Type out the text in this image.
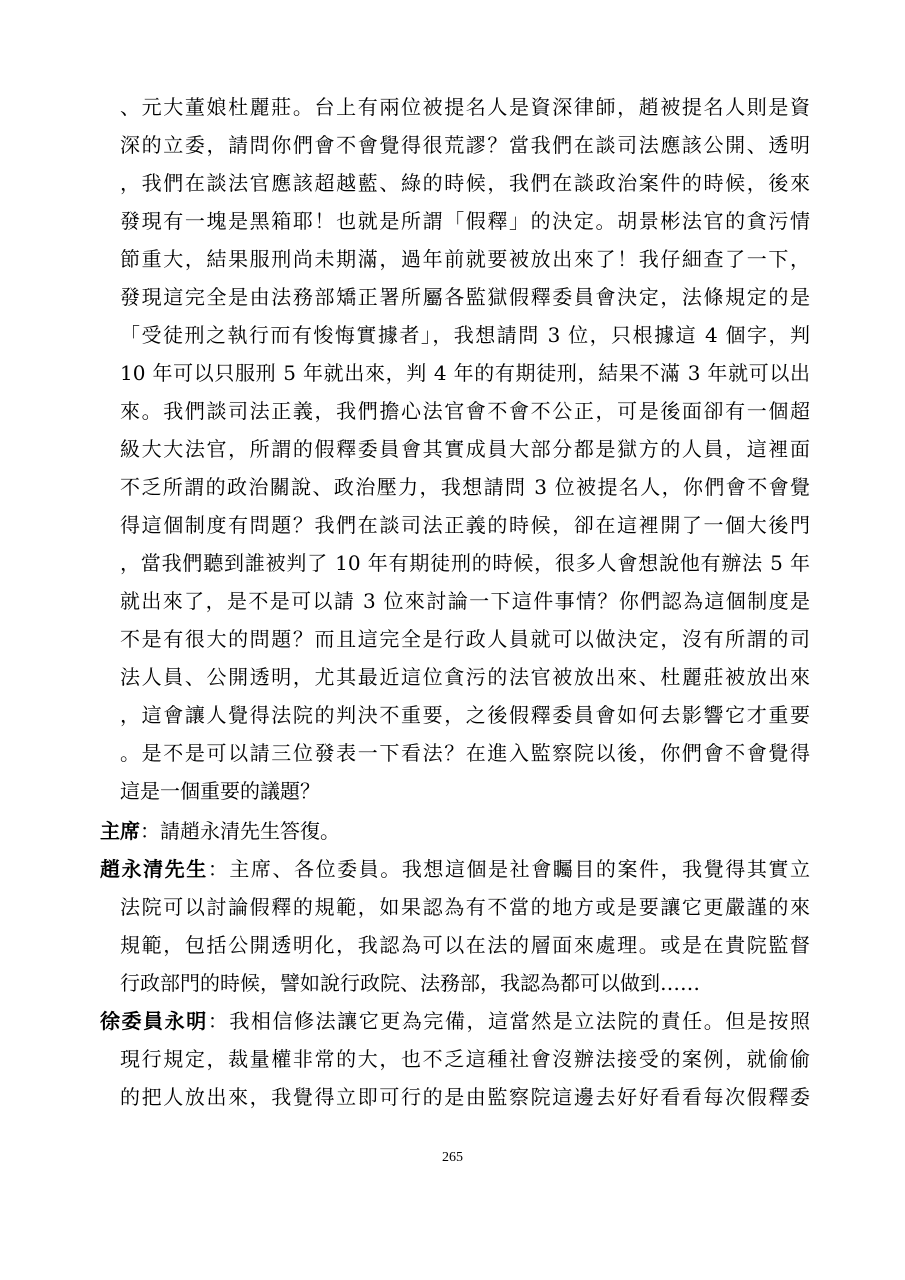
、元大董娘杜麗莊。台上有兩位被提名人是資深律師，趙被提名人則是資
深的立委，請問你們會不會覺得很荒謬？當我們在談司法應該公開、透明
，我們在談法官應該超越藍、綠的時候，我們在談政治案件的時候，後來
發現有一塊是黑箱耶！也就是所謂「假釋」的決定。胡景彬法官的貪污情
節重大，結果服刑尚未期滿，過年前就要被放出來了！我仔細查了一下，
發現這完全是由法務部矯正署所屬各監獄假釋委員會決定，法條規定的是
「受徒刑之執行而有悛悔實據者」，我想請問 3 位，只根據這 4 個字，判
10 年可以只服刑 5 年就出來，判 4 年的有期徒刑，結果不滿 3 年就可以出
來。我們談司法正義，我們擔心法官會不會不公正，可是後面卻有一個超
級大大法官，所謂的假釋委員會其實成員大部分都是獄方的人員，這裡面
不乏所謂的政治關說、政治壓力，我想請問 3 位被提名人，你們會不會覺
得這個制度有問題？我們在談司法正義的時候，卻在這裡開了一個大後門
，當我們聽到誰被判了 10 年有期徒刑的時候，很多人會想說他有辦法 5 年
就出來了，是不是可以請 3 位來討論一下這件事情？你們認為這個制度是
不是有很大的問題？而且這完全是行政人員就可以做決定，沒有所謂的司
法人員、公開透明，尤其最近這位貪污的法官被放出來、杜麗莊被放出來
，這會讓人覺得法院的判決不重要，之後假釋委員會如何去影響它才重要
。是不是可以請三位發表一下看法？在進入監察院以後，你們會不會覺得
這是一個重要的議題？
主席：請趙永清先生答復。
趙永清先生：主席、各位委員。我想這個是社會矚目的案件，我覺得其實立
法院可以討論假釋的規範，如果認為有不當的地方或是要讓它更嚴謹的來
規範，包括公開透明化，我認為可以在法的層面來處理。或是在貴院監督
行政部門的時候，譬如說行政院、法務部，我認為都可以做到……
徐委員永明：我相信修法讓它更為完備，這當然是立法院的責任。但是按照
現行規定，裁量權非常的大，也不乏這種社會沒辦法接受的案例，就偷偷
的把人放出來，我覺得立即可行的是由監察院這邊去好好看看每次假釋委
265
